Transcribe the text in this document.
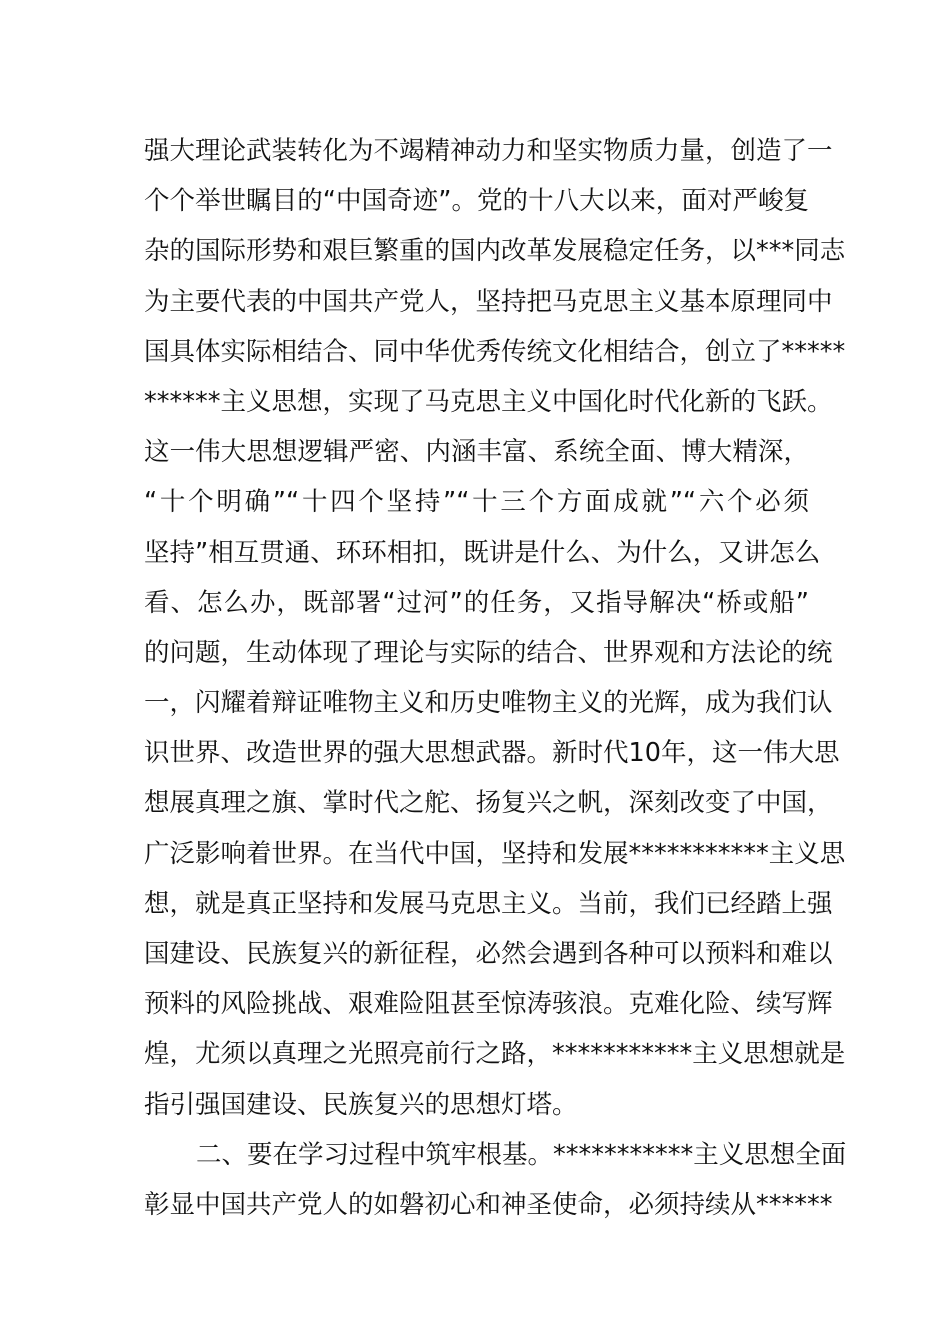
强大理论武装转化为不竭精神动力和坚实物质力量，创造了一
个个举世瞩目的“中国奇迹”。党的十八大以来，面对严峻复
杂的国际形势和艰巨繁重的国内改革发展稳定任务，以***同志
为主要代表的中国共产党人，坚持把马克思主义基本原理同中
国具体实际相结合、同中华优秀传统文化相结合，创立了*****
******主义思想，实现了马克思主义中国化时代化新的飞跃。
这一伟大思想逻辑严密、内涵丰富、系统全面、博大精深，
“十个明确”“十四个坚持”“十三个方面成就”“六个必须
坚持”相互贯通、环环相扣，既讲是什么、为什么，又讲怎么
看、怎么办，既部署“过河”的任务，又指导解决“桥或船”
的问题，生动体现了理论与实际的结合、世界观和方法论的统
一，闪耀着辩证唯物主义和历史唯物主义的光辉，成为我们认
识世界、改造世界的强大思想武器。新时代10年，这一伟大思
想展真理之旗、掌时代之舵、扬复兴之帆，深刻改变了中国，
广泛影响着世界。在当代中国，坚持和发展***********主义思
想，就是真正坚持和发展马克思主义。当前，我们已经踏上强
国建设、民族复兴的新征程，必然会遇到各种可以预料和难以
预料的风险挑战、艰难险阻甚至惊涛骇浪。克难化险、续写辉
煌，尤须以真理之光照亮前行之路，***********主义思想就是
指引强国建设、民族复兴的思想灯塔。
二、要在学习过程中筑牢根基。***********主义思想全面
彰显中国共产党人的如磐初心和神圣使命，必须持续从******
